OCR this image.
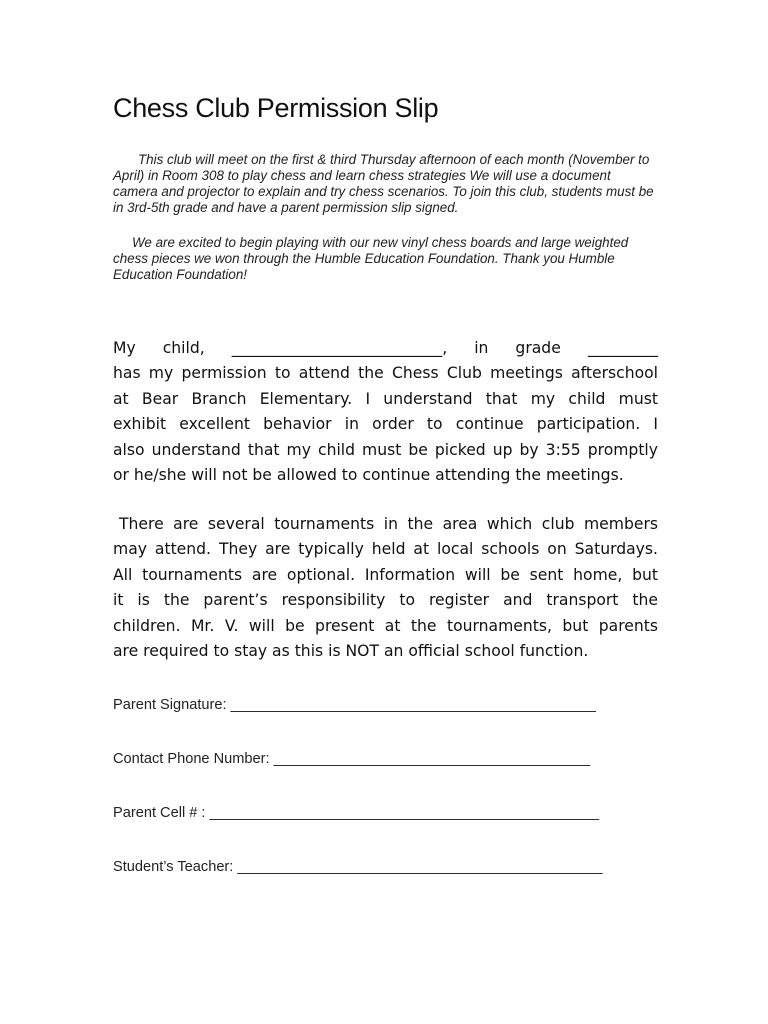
Chess Club Permission Slip

This club will meet on the first & third Thursday afternoon of each month (November to April) in Room 308 to play chess and learn chess strategies We will use a document camera and projector to explain and try chess scenarios. To join this club, students must be in 3rd-5th grade and have a parent permission slip signed.

We are excited to begin playing with our new vinyl chess boards and large weighted chess pieces we won through the Humble Education Foundation. Thank you Humble Education Foundation!

My child, ___________________________, in grade _________
has my permission to attend the Chess Club meetings afterschool
at Bear Branch Elementary. I understand that my child must
exhibit excellent behavior in order to continue participation. I
also understand that my child must be picked up by 3:55 promptly
or he/she will not be allowed to continue attending the meetings.
There are several tournaments in the area which club members
may attend. They are typically held at local schools on Saturdays.
All tournaments are optional. Information will be sent home, but
it is the parent’s responsibility to register and transport the
children. Mr. V. will be present at the tournaments, but parents
are required to stay as this is NOT an official school function.

Parent Signature: _____________________________________________

Contact Phone Number: _______________________________________

Parent Cell # : ________________________________________________

Student’s Teacher: _____________________________________________
